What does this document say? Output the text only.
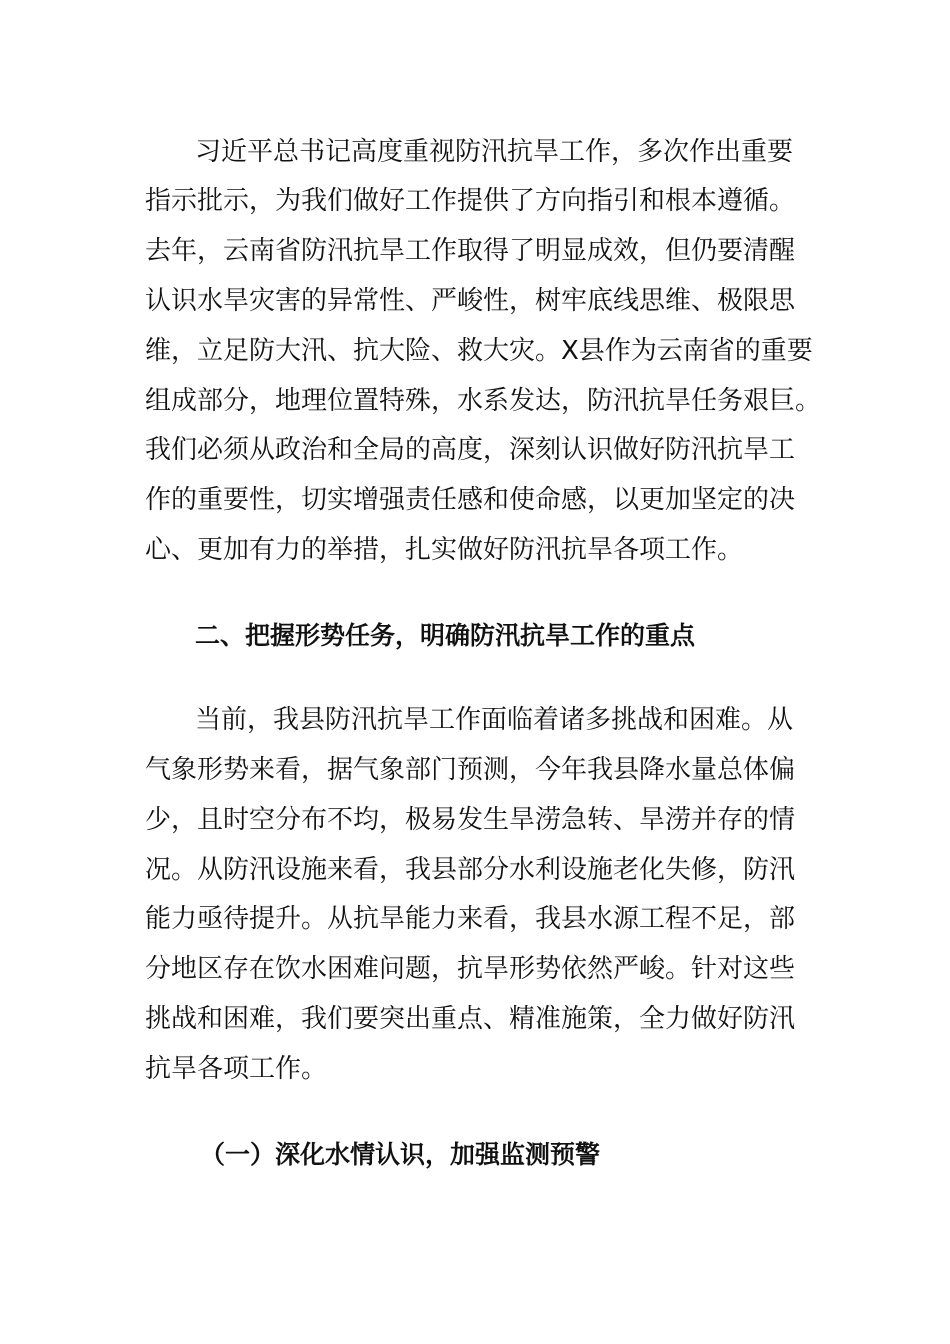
习近平总书记高度重视防汛抗旱工作，多次作出重要
指示批示，为我们做好工作提供了方向指引和根本遵循。
去年，云南省防汛抗旱工作取得了明显成效，但仍要清醒
认识水旱灾害的异常性、严峻性，树牢底线思维、极限思
维，立足防大汛、抗大险、救大灾。X县作为云南省的重要
组成部分，地理位置特殊，水系发达，防汛抗旱任务艰巨。
我们必须从政治和全局的高度，深刻认识做好防汛抗旱工
作的重要性，切实增强责任感和使命感，以更加坚定的决
心、更加有力的举措，扎实做好防汛抗旱各项工作。
二、把握形势任务，明确防汛抗旱工作的重点
当前，我县防汛抗旱工作面临着诸多挑战和困难。从
气象形势来看，据气象部门预测，今年我县降水量总体偏
少，且时空分布不均，极易发生旱涝急转、旱涝并存的情
况。从防汛设施来看，我县部分水利设施老化失修，防汛
能力亟待提升。从抗旱能力来看，我县水源工程不足，部
分地区存在饮水困难问题，抗旱形势依然严峻。针对这些
挑战和困难，我们要突出重点、精准施策，全力做好防汛
抗旱各项工作。
（一）深化水情认识，加强监测预警
